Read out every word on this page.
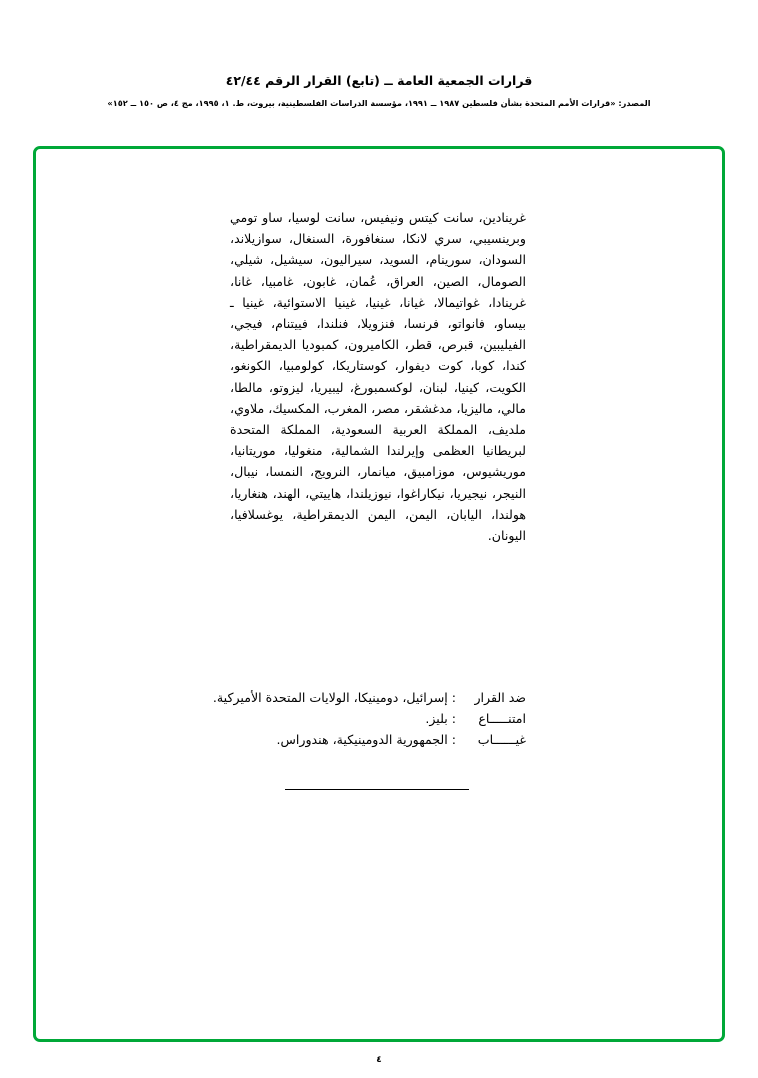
قرارات الجمعية العامة ــ (تابع) القرار الرقم ٤٢/٤٤
المصدر: «قرارات الأمم المتحدة بشأن فلسطين ١٩٨٧ ــ ١٩٩١، مؤسسة الدراسات الفلسطينية، بيروت، ط. ١، ١٩٩٥، مج ٤، ص ١٥٠ ــ ١٥٢»

غرينادين، سانت كيتس ونيفيس، سانت لوسيا، ساو تومي وبرينسيبي، سري لانكا، سنغافورة، السنغال، سوازيلاند، السودان، سورينام، السويد، سيراليون، سيشيل، شيلي، الصومال، الصين، العراق، عُمان، غابون، غامبيا، غانا، غرينادا، غواتيمالا، غيانا، غينيا، غينيا الاستوائية، غينيا ـ بيساو، فانواتو، فرنسا، فنزويلا، فنلندا، فييتنام، فيجي، الفيليبين، قبرص، قطر، الكاميرون، كمبوديا الديمقراطية، كندا، كوبا، كوت ديفوار، كوستاريكا، كولومبيا، الكونغو، الكويت، كينيا، لبنان، لوكسمبورغ، ليبيريا، ليزوتو، مالطا، مالي، ماليزيا، مدغشقر، مصر، المغرب، المكسيك، ملاوي، ملديف، المملكة العربية السعودية، المملكة المتحدة لبريطانيا العظمى وإيرلندا الشمالية، منغوليا، موريتانيا، موريشيوس، موزامبيق، ميانمار، النرويج، النمسا، نيبال، النيجر، نيجيريا، نيكاراغوا، نيوزيلندا، هاييتي، الهند، هنغاريا، هولندا، اليابان، اليمن، اليمن الديمقراطية، يوغسلافيا، اليونان.

ضد القرار
:
إسرائيل، دومينيكا، الولايات المتحدة الأميركية.
امتنـــــاع
:
بليز.
غيــــــاب
:
الجمهورية الدومينيكية، هندوراس.
٤
